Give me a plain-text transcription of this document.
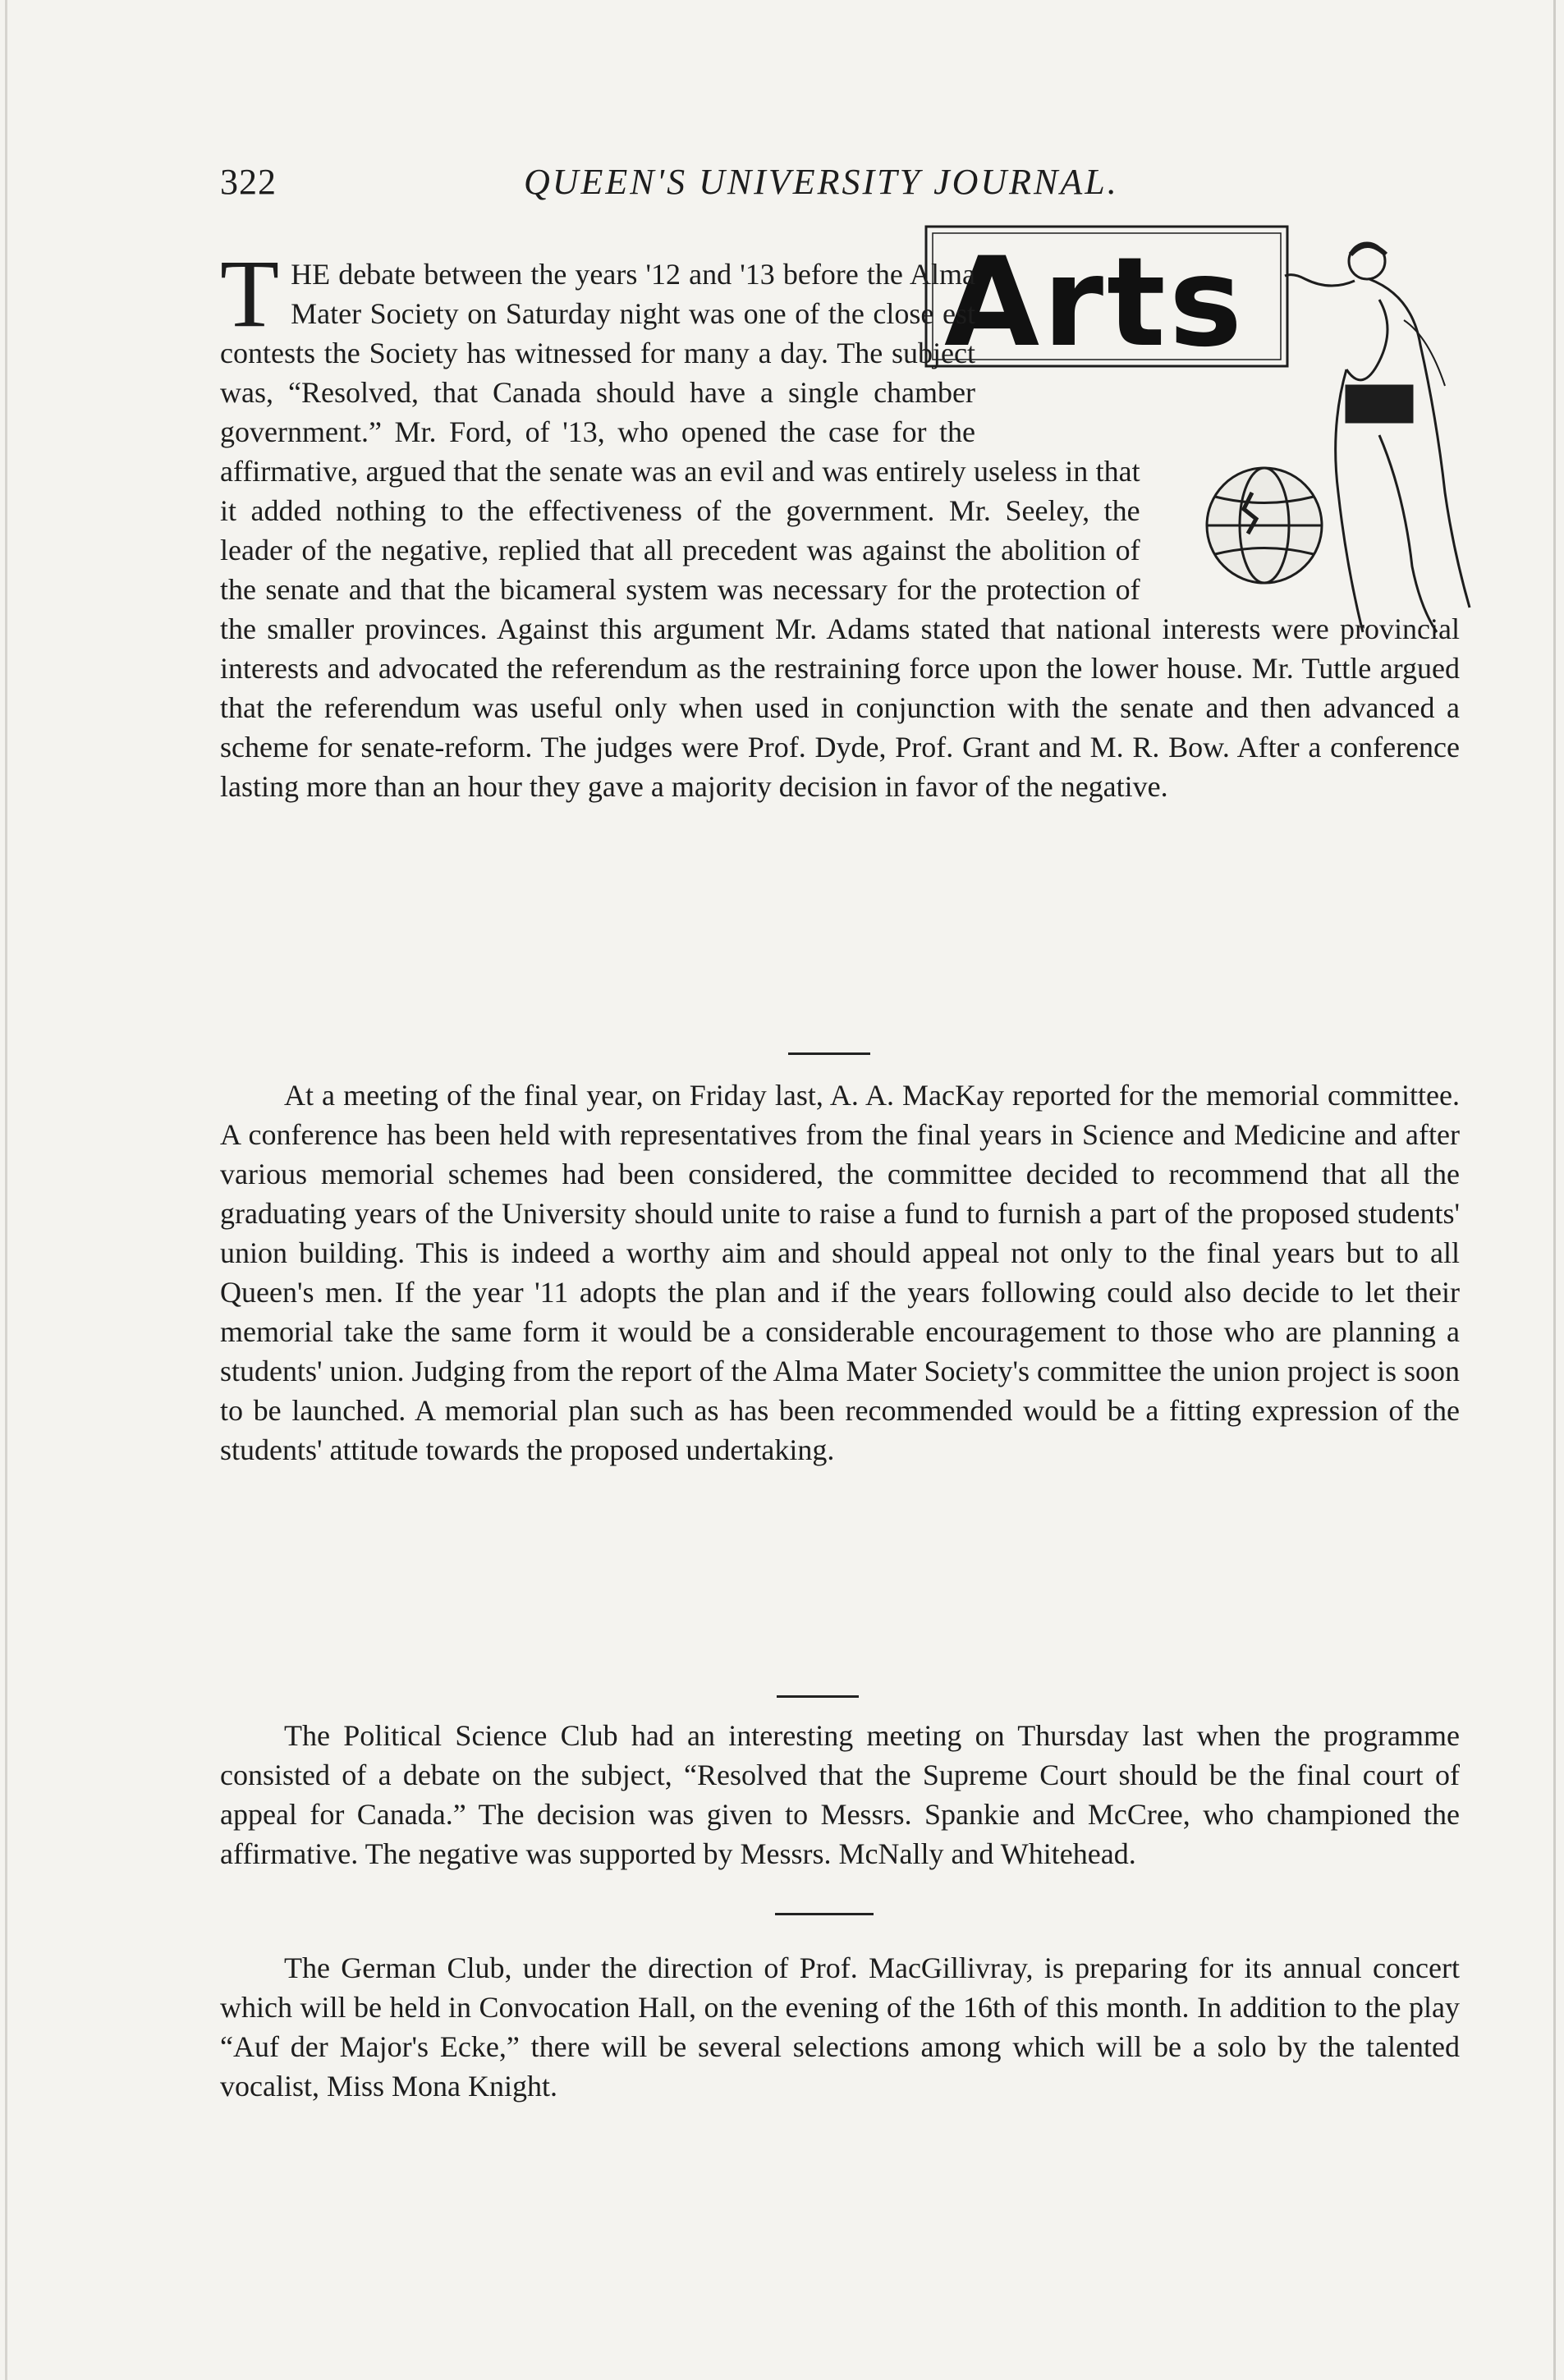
322	QUEEN'S UNIVERSITY JOURNAL.
Arts
T HE debate between the years '12 and '13 before the Alma Mater Society on Saturday night was one of the close est contests the Society has witnessed for many a day. The subject was, “Resolved, that Canada should have a single chamber government.” Mr. Ford, of '13, who opened the case for the affirmative, argued that the senate was an evil and was entirely useless in that it added nothing to the effectiveness of the government. Mr. Seeley, the leader of the negative, replied that all precedent was against the abolition of the senate and that the bicameral system was necessary for the protection of the smaller provinces. Against this argument Mr. Adams stated that national interests were provincial interests and advocated the referendum as the restraining force upon the lower house. Mr. Tuttle argued that the referendum was useful only when used in conjunction with the senate and then advanced a scheme for senate-reform. The judges were Prof. Dyde, Prof. Grant and M. R. Bow. After a conference lasting more than an hour they gave a majority decision in favor of the negative.

At a meeting of the final year, on Friday last, A. A. MacKay reported for the memorial committee. A conference has been held with representatives from the final years in Science and Medicine and after various memorial schemes had been considered, the committee decided to recommend that all the graduating years of the University should unite to raise a fund to furnish a part of the proposed students' union building. This is indeed a worthy aim and should appeal not only to the final years but to all Queen's men. If the year '11 adopts the plan and if the years following could also decide to let their memorial take the same form it would be a considerable encouragement to those who are planning a students' union. Judging from the report of the Alma Mater Society's committee the union project is soon to be launched. A memorial plan such as has been recommended would be a fitting expression of the students' attitude towards the proposed undertaking.

The Political Science Club had an interesting meeting on Thursday last when the programme consisted of a debate on the subject, “Resolved that the Supreme Court should be the final court of appeal for Canada.” The decision was given to Messrs. Spankie and McCree, who championed the affirmative. The negative was supported by Messrs. McNally and Whitehead.

The German Club, under the direction of Prof. MacGillivray, is preparing for its annual concert which will be held in Convocation Hall, on the evening of the 16th of this month. In addition to the play “Auf der Major's Ecke,” there will be several selections among which will be a solo by the talented vocalist, Miss Mona Knight.
